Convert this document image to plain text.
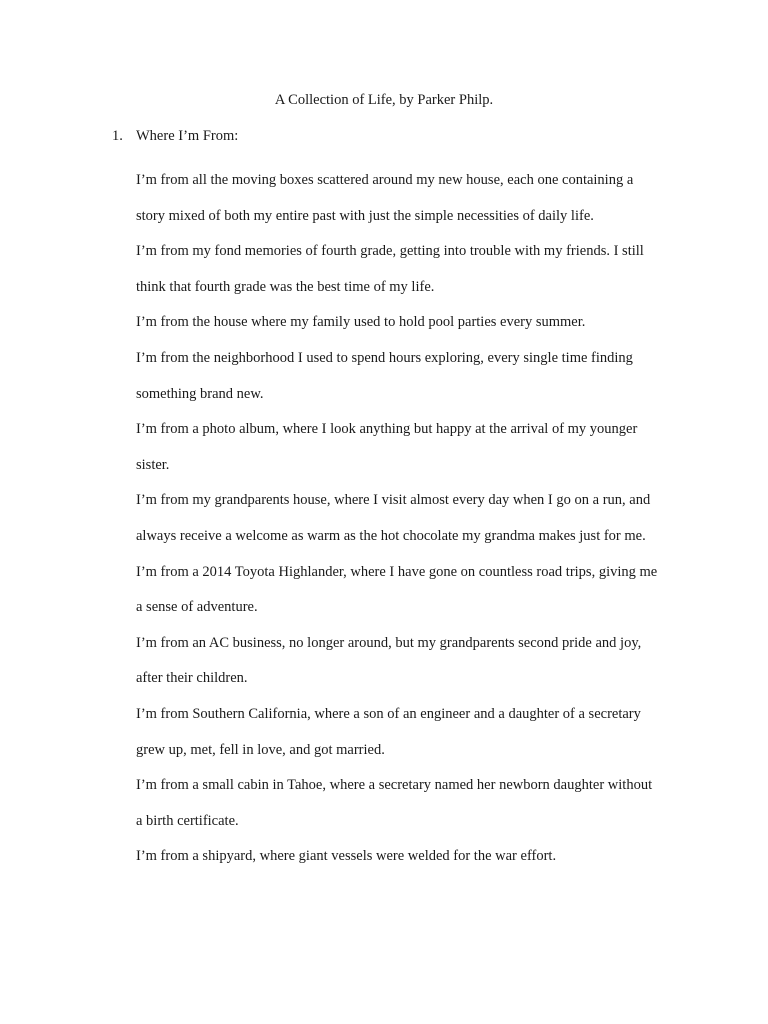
A Collection of Life, by Parker Philp.
1. Where I’m From:

I’m from all the moving boxes scattered around my new house, each one containing a
story mixed of both my entire past with just the simple necessities of daily life.

I’m from my fond memories of fourth grade, getting into trouble with my friends. I still
think that fourth grade was the best time of my life.

I’m from the house where my family used to hold pool parties every summer.

I’m from the neighborhood I used to spend hours exploring, every single time finding
something brand new.

I’m from a photo album, where I look anything but happy at the arrival of my younger
sister.

I’m from my grandparents house, where I visit almost every day when I go on a run, and
always receive a welcome as warm as the hot chocolate my grandma makes just for me.

I’m from a 2014 Toyota Highlander, where I have gone on countless road trips, giving me
a sense of adventure.

I’m from an AC business, no longer around, but my grandparents second pride and joy,
after their children.

I’m from Southern California, where a son of an engineer and a daughter of a secretary
grew up, met, fell in love, and got married.

I’m from a small cabin in Tahoe, where a secretary named her newborn daughter without
a birth certificate.

I’m from a shipyard, where giant vessels were welded for the war effort.
